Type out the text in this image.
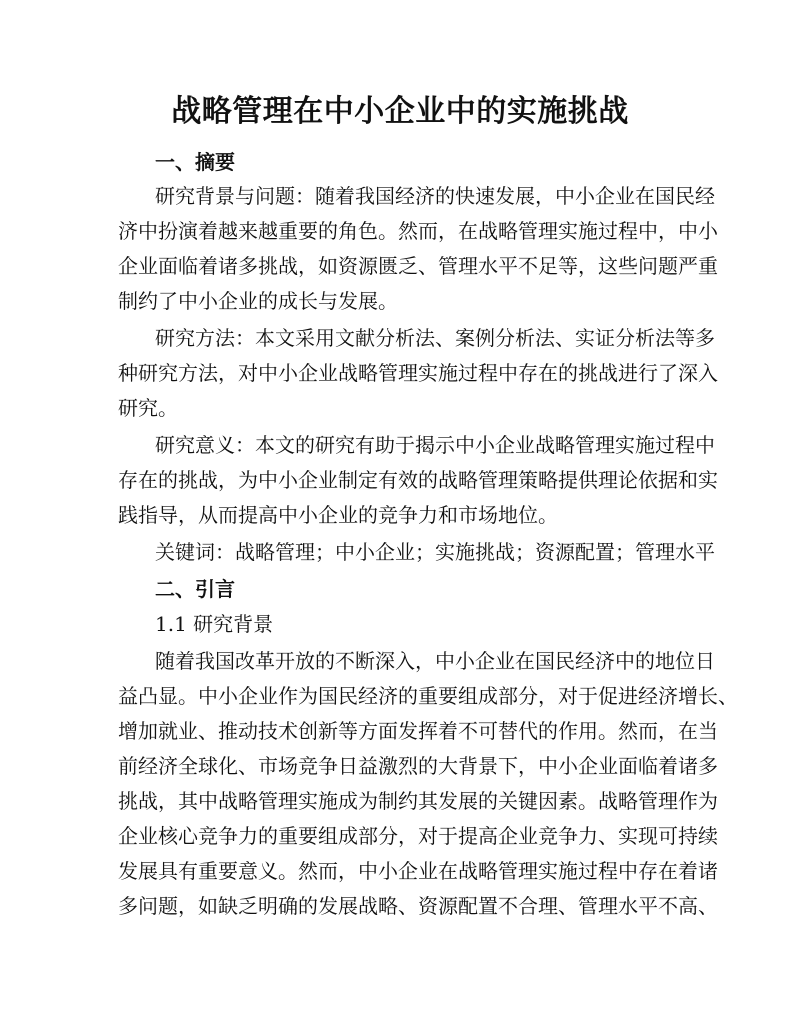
战略管理在中小企业中的实施挑战

一、摘要

研究背景与问题：随着我国经济的快速发展，中小企业在国民经

济中扮演着越来越重要的角色。然而，在战略管理实施过程中，中小

企业面临着诸多挑战，如资源匮乏、管理水平不足等，这些问题严重

制约了中小企业的成长与发展。

研究方法：本文采用文献分析法、案例分析法、实证分析法等多

种研究方法，对中小企业战略管理实施过程中存在的挑战进行了深入

研究。

研究意义：本文的研究有助于揭示中小企业战略管理实施过程中

存在的挑战，为中小企业制定有效的战略管理策略提供理论依据和实

践指导，从而提高中小企业的竞争力和市场地位。

关键词：战略管理；中小企业；实施挑战；资源配置；管理水平

二、引言

1.1 研究背景

随着我国改革开放的不断深入，中小企业在国民经济中的地位日

益凸显。中小企业作为国民经济的重要组成部分，对于促进经济增长、

增加就业、推动技术创新等方面发挥着不可替代的作用。然而，在当

前经济全球化、市场竞争日益激烈的大背景下，中小企业面临着诸多

挑战，其中战略管理实施成为制约其发展的关键因素。战略管理作为

企业核心竞争力的重要组成部分，对于提高企业竞争力、实现可持续

发展具有重要意义。然而，中小企业在战略管理实施过程中存在着诸

多问题，如缺乏明确的发展战略、资源配置不合理、管理水平不高、
